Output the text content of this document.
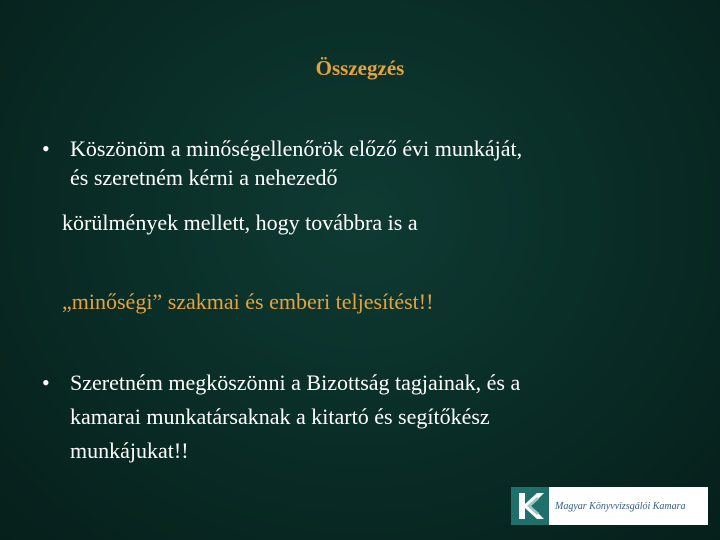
Összegzés
• Köszönöm a minőségellenőrök előző évi munkáját,
és szeretném kérni a nehezedő
körülmények mellett, hogy továbbra is a
„minőségi” szakmai és emberi teljesítést!!
• Szeretném megköszönni a Bizottság tagjainak, és a
kamarai munkatársaknak a kitartó és segítőkész
munkájukat!!
Magyar Könyvvizsgálói Kamara
